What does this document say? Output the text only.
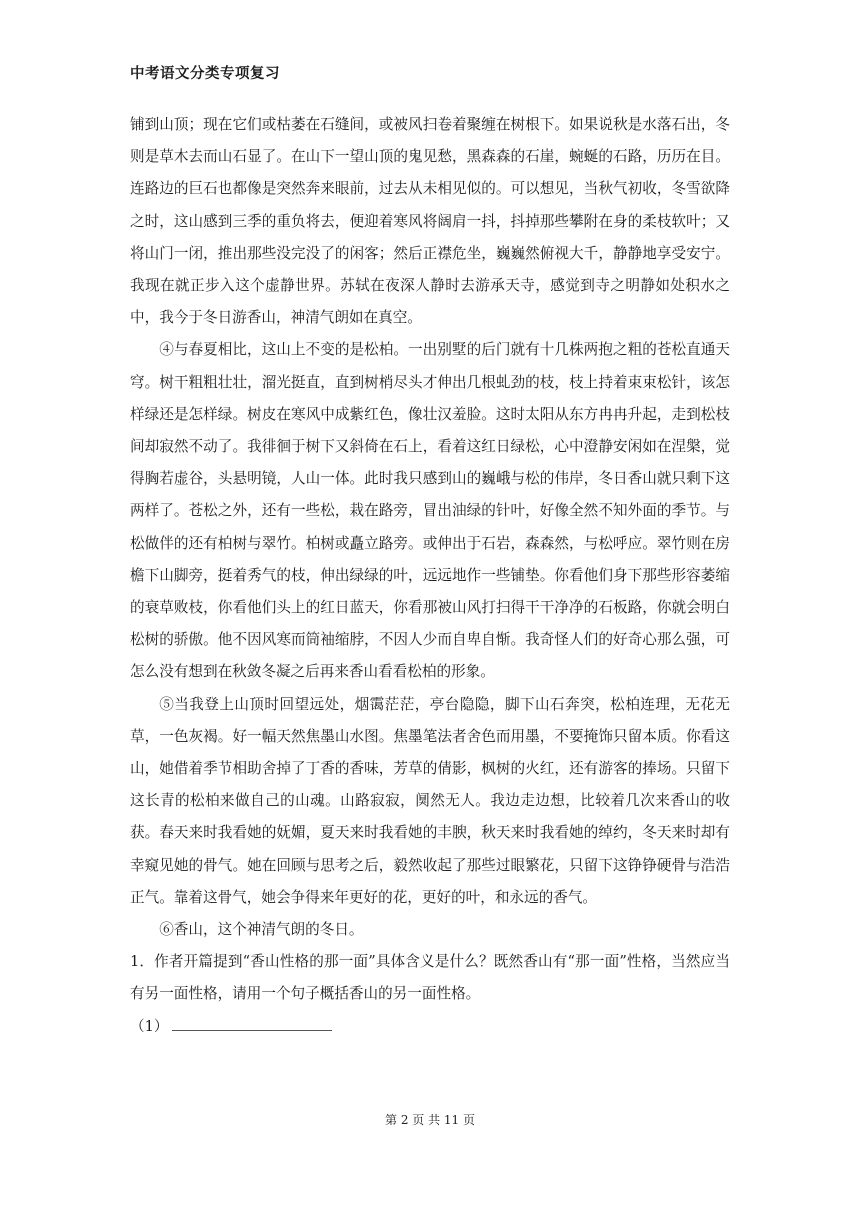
中考语文分类专项复习

铺到山顶；现在它们或枯萎在石缝间，或被风扫卷着聚缠在树根下。如果说秋是水落石出，冬则是草木去而山石显了。在山下一望山顶的鬼见愁，黑森森的石崖，蜿蜒的石路，历历在目。连路边的巨石也都像是突然奔来眼前，过去从未相见似的。可以想见，当秋气初收，冬雪欲降之时，这山感到三季的重负将去，便迎着寒风将阔肩一抖，抖掉那些攀附在身的柔枝软叶；又将山门一闭，推出那些没完没了的闲客；然后正襟危坐，巍巍然俯视大千，静静地享受安宁。我现在就正步入这个虚静世界。苏轼在夜深人静时去游承天寺，感觉到寺之明静如处积水之中，我今于冬日游香山，神清气朗如在真空。

④与春夏相比，这山上不变的是松柏。一出别墅的后门就有十几株两抱之粗的苍松直通天穹。树干粗粗壮壮，溜光挺直，直到树梢尽头才伸出几根虬劲的枝，枝上持着束束松针，该怎样绿还是怎样绿。树皮在寒风中成紫红色，像壮汉羞脸。这时太阳从东方冉冉升起，走到松枝间却寂然不动了。我徘徊于树下又斜倚在石上，看着这红日绿松，心中澄静安闲如在涅槃，觉得胸若虚谷，头悬明镜，人山一体。此时我只感到山的巍峨与松的伟岸，冬日香山就只剩下这两样了。苍松之外，还有一些松，栽在路旁，冒出油绿的针叶，好像全然不知外面的季节。与松做伴的还有柏树与翠竹。柏树或矗立路旁。或伸出于石岩，森森然，与松呼应。翠竹则在房檐下山脚旁，挺着秀气的枝，伸出绿绿的叶，远远地作一些铺垫。你看他们身下那些形容萎缩的衰草败枝，你看他们头上的红日蓝天，你看那被山风打扫得干干净净的石板路，你就会明白松树的骄傲。他不因风寒而筒袖缩脖，不因人少而自卑自惭。我奇怪人们的好奇心那么强，可怎么没有想到在秋敛冬凝之后再来香山看看松柏的形象。

⑤当我登上山顶时回望远处，烟霭茫茫，亭台隐隐，脚下山石奔突，松柏连理，无花无草，一色灰褐。好一幅天然焦墨山水图。焦墨笔法者舍色而用墨，不要掩饰只留本质。你看这山，她借着季节相助舍掉了丁香的香味，芳草的倩影，枫树的火红，还有游客的捧场。只留下这长青的松柏来做自己的山魂。山路寂寂，阒然无人。我边走边想，比较着几次来香山的收获。春天来时我看她的妩媚，夏天来时我看她的丰腴，秋天来时我看她的绰约，冬天来时却有幸窥见她的骨气。她在回顾与思考之后，毅然收起了那些过眼繁花，只留下这铮铮硬骨与浩浩正气。靠着这骨气，她会争得来年更好的花，更好的叶，和永远的香气。

⑥香山，这个神清气朗的冬日。

1．作者开篇提到“香山性格的那一面”具体含义是什么？既然香山有“那一面”性格，当然应当有另一面性格，请用一个句子概括香山的另一面性格。

（1）

第 2 页 共 11 页
